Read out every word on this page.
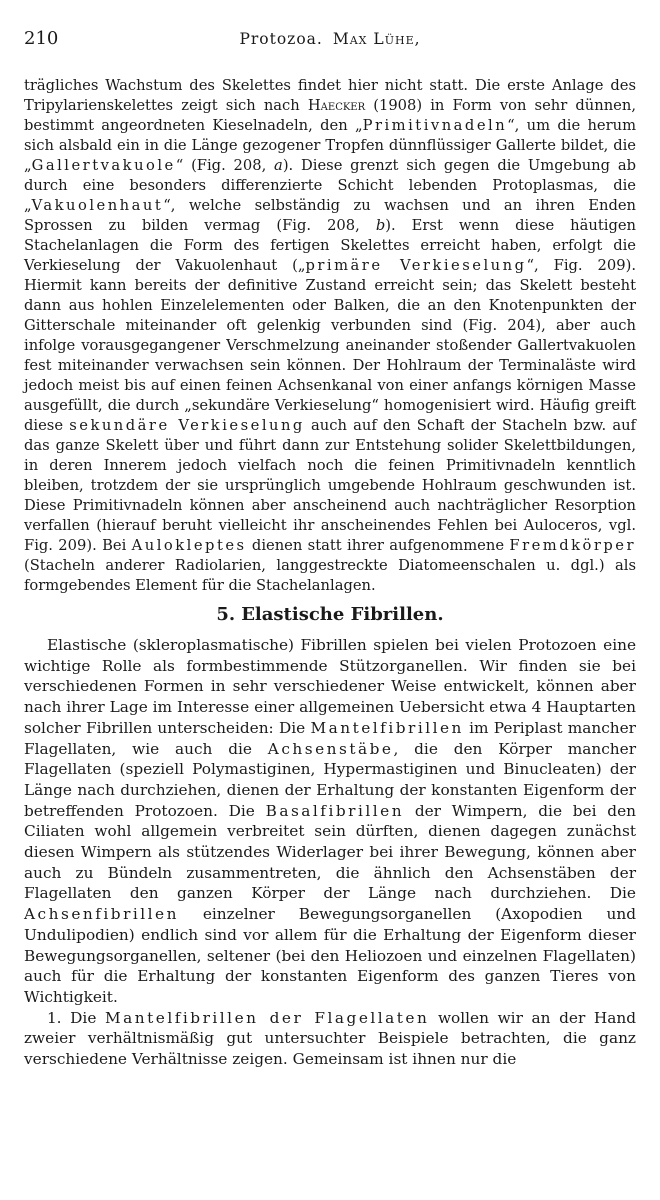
210	Protozoa. Max Lühe,

trägliches Wachstum des Skelettes findet hier nicht statt. Die erste Anlage des Tripylarienskelettes zeigt sich nach Haecker (1908) in Form von sehr dünnen, bestimmt angeordneten Kieselnadeln, den „Primitivnadeln“, um die herum sich alsbald ein in die Länge gezogener Tropfen dünnflüssiger Gallerte bildet, die „Gallertvakuole“ (Fig. 208, a). Diese grenzt sich gegen die Umgebung ab durch eine besonders differenzierte Schicht lebenden Protoplasmas, die „Vakuolenhaut“, welche selbständig zu wachsen und an ihren Enden Sprossen zu bilden vermag (Fig. 208, b). Erst wenn diese häutigen Stachelanlagen die Form des fertigen Skelettes erreicht haben, erfolgt die Verkieselung der Vakuolenhaut („primäre Verkieselung“, Fig. 209). Hiermit kann bereits der definitive Zustand erreicht sein; das Skelett besteht dann aus hohlen Einzelelementen oder Balken, die an den Knotenpunkten der Gitterschale miteinander oft gelenkig verbunden sind (Fig. 204), aber auch infolge vorausgegangener Verschmelzung aneinander stoßender Gallertvakuolen fest miteinander verwachsen sein können. Der Hohlraum der Terminaläste wird jedoch meist bis auf einen feinen Achsenkanal von einer anfangs körnigen Masse ausgefüllt, die durch „sekundäre Verkieselung“ homogenisiert wird. Häufig greift diese sekundäre Verkieselung auch auf den Schaft der Stacheln bzw. auf das ganze Skelett über und führt dann zur Entstehung solider Skelettbildungen, in deren Innerem jedoch vielfach noch die feinen Primitivnadeln kenntlich bleiben, trotzdem der sie ursprünglich umgebende Hohlraum geschwunden ist. Diese Primitivnadeln können aber anscheinend auch nachträglicher Resorption verfallen (hierauf beruht vielleicht ihr anscheinendes Fehlen bei Auloceros, vgl. Fig. 209). Bei Aulokleptes dienen statt ihrer aufgenommene Fremdkörper (Stacheln anderer Radiolarien, langgestreckte Diatomeenschalen u. dgl.) als formgebendes Element für die Stachelanlagen.

5. Elastische Fibrillen.

Elastische (skleroplasmatische) Fibrillen spielen bei vielen Protozoen eine wichtige Rolle als formbestimmende Stützorganellen. Wir finden sie bei verschiedenen Formen in sehr verschiedener Weise entwickelt, können aber nach ihrer Lage im Interesse einer allgemeinen Uebersicht etwa 4 Hauptarten solcher Fibrillen unterscheiden: Die Mantelfibrillen im Periplast mancher Flagellaten, wie auch die Achsenstäbe, die den Körper mancher Flagellaten (speziell Polymastiginen, Hypermastiginen und Binucleaten) der Länge nach durchziehen, dienen der Erhaltung der konstanten Eigenform der betreffenden Protozoen. Die Basalfibrillen der Wimpern, die bei den Ciliaten wohl allgemein verbreitet sein dürften, dienen dagegen zunächst diesen Wimpern als stützendes Widerlager bei ihrer Bewegung, können aber auch zu Bündeln zusammentreten, die ähnlich den Achsenstäben der Flagellaten den ganzen Körper der Länge nach durchziehen. Die Achsenfibrillen einzelner Bewegungsorganellen (Axopodien und Undulipodien) endlich sind vor allem für die Erhaltung der Eigenform dieser Bewegungsorganellen, seltener (bei den Heliozoen und einzelnen Flagellaten) auch für die Erhaltung der konstanten Eigenform des ganzen Tieres von Wichtigkeit.

1. Die Mantelfibrillen der Flagellaten wollen wir an der Hand zweier verhältnismäßig gut untersuchter Beispiele betrachten, die ganz verschiedene Verhältnisse zeigen. Gemeinsam ist ihnen nur die
